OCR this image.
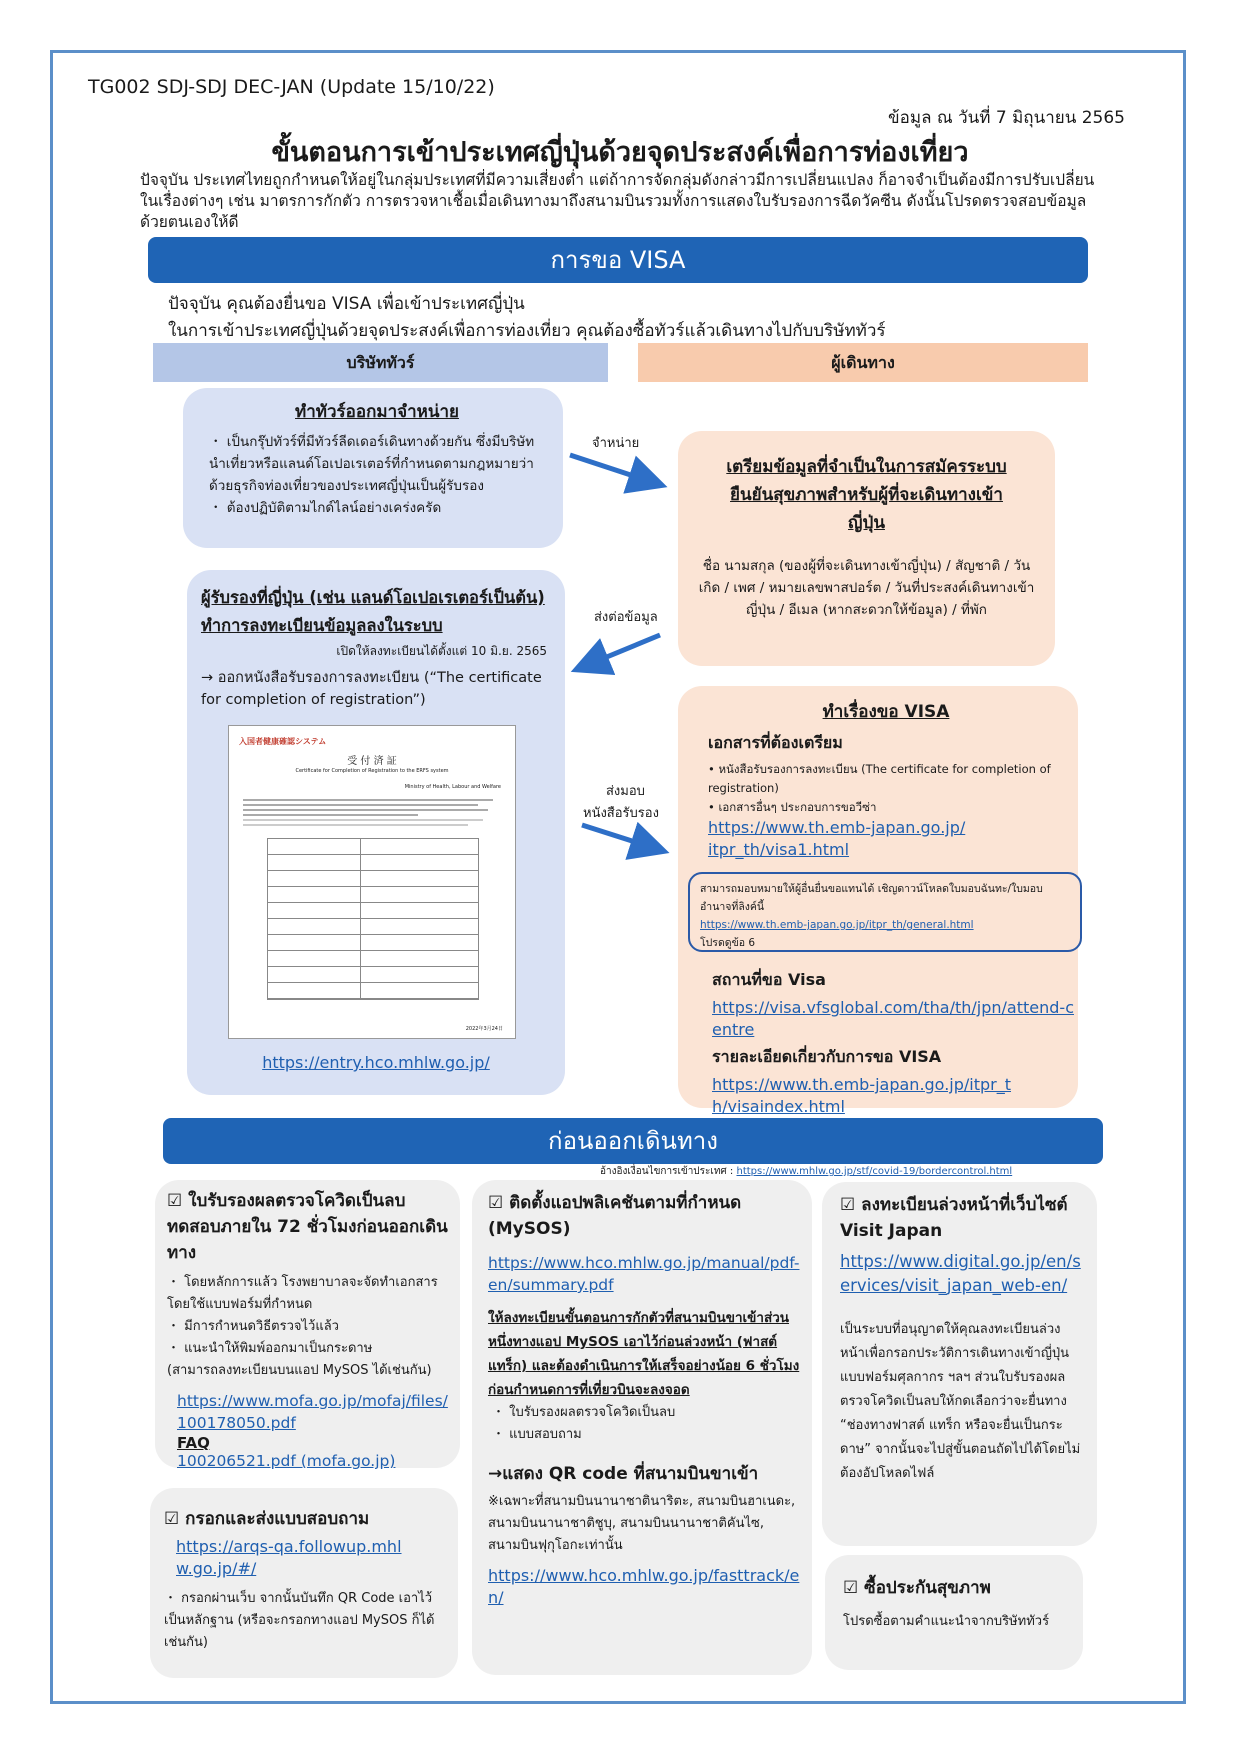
TG002 SDJ-SDJ DEC-JAN (Update 15/10/22)
ข้อมูล ณ วันที่ 7 มิถุนายน 2565
ขั้นตอนการเข้าประเทศญี่ปุ่นด้วยจุดประสงค์เพื่อการท่องเที่ยว
ปัจจุบัน ประเทศไทยถูกกำหนดให้อยู่ในกลุ่มประเทศที่มีความเสี่ยงต่ำ แต่ถ้าการจัดกลุ่มดังกล่าวมีการเปลี่ยนแปลง ก็อาจจำเป็นต้องมีการปรับเปลี่ยนในเรื่องต่างๆ เช่น มาตรการกักตัว การตรวจหาเชื้อเมื่อเดินทางมาถึงสนามบินรวมทั้งการแสดงใบรับรองการฉีดวัคซีน ดังนั้นโปรดตรวจสอบข้อมูลด้วยตนเองให้ดี
การขอ VISA
ปัจจุบัน คุณต้องยื่นขอ VISA เพื่อเข้าประเทศญี่ปุ่น
ในการเข้าประเทศญี่ปุ่นด้วยจุดประสงค์เพื่อการท่องเที่ยว คุณต้องซื้อทัวร์แล้วเดินทางไปกับบริษัททัวร์
บริษัททัวร์	ผู้เดินทาง
ทำทัวร์ออกมาจำหน่าย
・ เป็นกรุ๊ปทัวร์ที่มีทัวร์ลีดเดอร์เดินทางด้วยกัน ซึ่งมีบริษัทนำเที่ยวหรือแลนด์โอเปอเรเตอร์ที่กำหนดตามกฎหมายว่าด้วยธุรกิจท่องเที่ยวของประเทศญี่ปุ่นเป็นผู้รับรอง
・ ต้องปฏิบัติตามไกด์ไลน์อย่างเคร่งครัด
จำหน่าย
ส่งต่อข้อมูล
ส่งมอบ
หนังสือรับรอง
เตรียมข้อมูลที่จำเป็นในการสมัครระบบยืนยันสุขภาพสำหรับผู้ที่จะเดินทางเข้าญี่ปุ่น
ชื่อ นามสกุล (ของผู้ที่จะเดินทางเข้าญี่ปุ่น) / สัญชาติ / วันเกิด / เพศ / หมายเลขพาสปอร์ต / วันที่ประสงค์เดินทางเข้าญี่ปุ่น / อีเมล (หากสะดวกให้ข้อมูล) / ที่พัก
ผู้รับรองที่ญี่ปุ่น (เช่น แลนด์โอเปอเรเตอร์เป็นต้น) ทำการลงทะเบียนข้อมูลลงในระบบ
เปิดให้ลงทะเบียนได้ตั้งแต่ 10 มิ.ย. 2565
→ ออกหนังสือรับรองการลงทะเบียน (“The certificate for completion of registration”)
入国者健康確認システム
受 付 済 証
Certificate for Completion of Registration to the ERFS system
Ministry of Health, Labour and Welfare
2022年3月24日
https://entry.hco.mhlw.go.jp/
ทำเรื่องขอ VISA
เอกสารที่ต้องเตรียม
• หนังสือรับรองการลงทะเบียน (The certificate for completion of registration)
• เอกสารอื่นๆ ประกอบการขอวีซ่า
https://www.th.emb-japan.go.jp/itpr_th/visa1.html
สามารถมอบหมายให้ผู้อื่นยื่นขอแทนได้ เชิญดาวน์โหลดใบมอบฉันทะ/ใบมอบอำนาจที่ลิงค์นี้
https://www.th.emb-japan.go.jp/itpr_th/general.html
โปรดดูข้อ 6
สถานที่ขอ Visa
https://visa.vfsglobal.com/tha/th/jpn/attend-centre
รายละเอียดเกี่ยวกับการขอ VISA
https://www.th.emb-japan.go.jp/itpr_th/visaindex.html
ก่อนออกเดินทาง
อ้างอิงเงื่อนไขการเข้าประเทศ : https://www.mhlw.go.jp/stf/covid-19/bordercontrol.html
☑ ใบรับรองผลตรวจโควิดเป็นลบ ทดสอบภายใน 72 ชั่วโมงก่อนออกเดินทาง
・ โดยหลักการแล้ว โรงพยาบาลจะจัดทำเอกสารโดยใช้แบบฟอร์มที่กำหนด
・ มีการกำหนดวิธีตรวจไว้แล้ว
・ แนะนำให้พิมพ์ออกมาเป็นกระดาษ
(สามารถลงทะเบียนบนแอป MySOS ได้เช่นกัน)
https://www.mofa.go.jp/mofaj/files/100178050.pdf
FAQ
100206521.pdf (mofa.go.jp)
☑ กรอกและส่งแบบสอบถาม
https://arqs-qa.followup.mhlw.go.jp/#/
・ กรอกผ่านเว็บ จากนั้นบันทึก QR Code เอาไว้เป็นหลักฐาน (หรือจะกรอกทางแอป MySOS ก็ได้เช่นกัน)
☑ ติดตั้งแอปพลิเคชันตามที่กำหนด (MySOS)
https://www.hco.mhlw.go.jp/manual/pdf-en/summary.pdf
ให้ลงทะเบียนขั้นตอนการกักตัวที่สนามบินขาเข้าส่วนหนึ่งทางแอป MySOS เอาไว้ก่อนล่วงหน้า (ฟาสต์ แทร็ก) และต้องดำเนินการให้เสร็จอย่างน้อย 6 ชั่วโมงก่อนกำหนดการที่เที่ยวบินจะลงจอด
・ ใบรับรองผลตรวจโควิดเป็นลบ
・ แบบสอบถาม
→แสดง QR code ที่สนามบินขาเข้า
※เฉพาะที่สนามบินนานาชาตินาริตะ, สนามบินฮาเนดะ, สนามบินนานาชาติชูบุ, สนามบินนานาชาติคันไซ, สนามบินฟุกุโอกะเท่านั้น
https://www.hco.mhlw.go.jp/fasttrack/en/
☑ ลงทะเบียนล่วงหน้าที่เว็บไซต์ Visit Japan
https://www.digital.go.jp/en/services/visit_japan_web-en/
เป็นระบบที่อนุญาตให้คุณลงทะเบียนล่วงหน้าเพื่อกรอกประวัติการเดินทางเข้าญี่ปุ่น แบบฟอร์มศุลกากร ฯลฯ ส่วนใบรับรองผลตรวจโควิดเป็นลบให้กดเลือกว่าจะยื่นทาง “ช่องทางฟาสต์ แทร็ก หรือจะยื่นเป็นกระดาษ” จากนั้นจะไปสู่ขั้นตอนถัดไปได้โดยไม่ต้องอัปโหลดไฟล์
☑ ซื้อประกันสุขภาพ
โปรดซื้อตามคำแนะนำจากบริษัททัวร์
